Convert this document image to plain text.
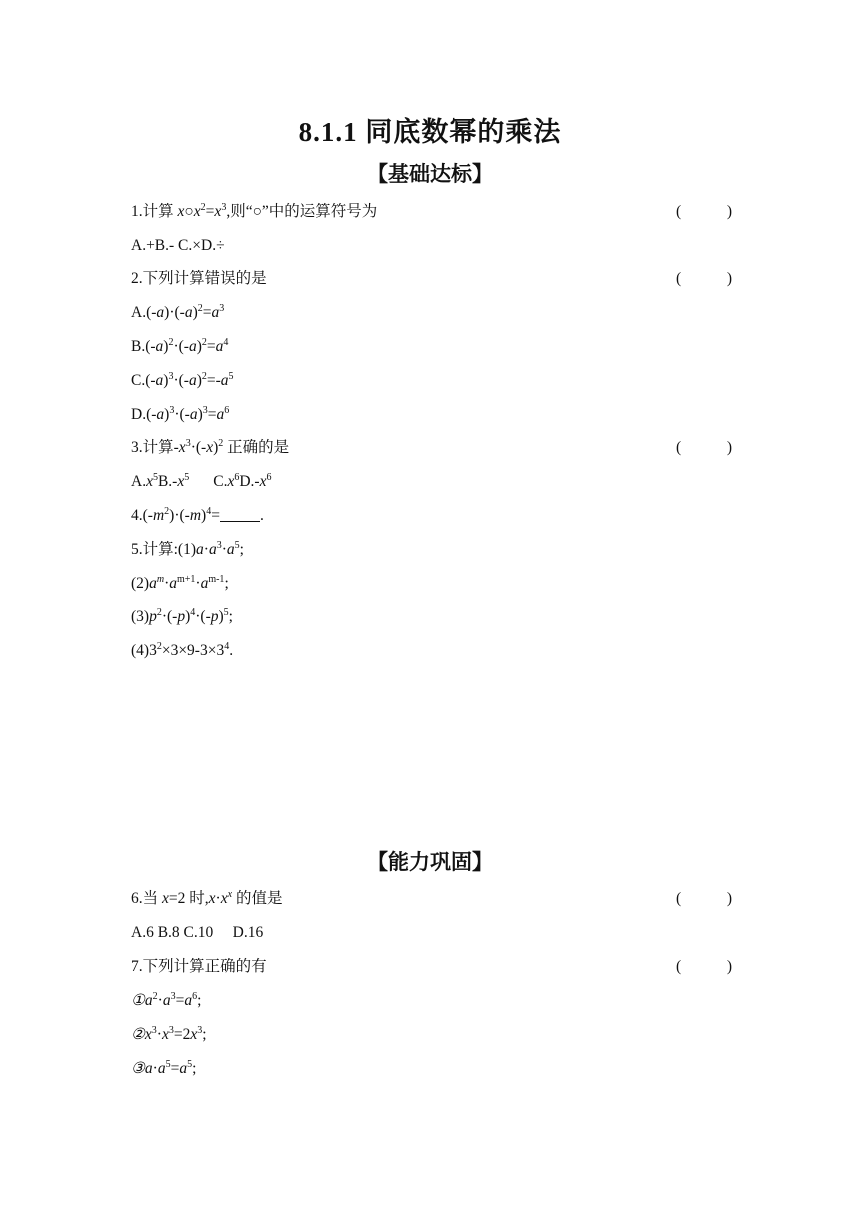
8.1.1 同底数幂的乘法
【基础达标】
1.计算 $x○x^2=x^3$,则“○”中的运算符号为	(	)
A.+B.- C.×D.÷
2.下列计算错误的是	(	)
$A.(-a)\cdot(-a)^2=a^3$
$B.(-a)^2\cdot(-a)^2=a^4$
$C.(-a)^3\cdot(-a)^2=-a^5$
$D.(-a)^3\cdot(-a)^3=a^6$
3.计算$-x^3\cdot(-x)^2$ 正确的是	(	)
$A.x^5B.-x^5$ $C.x^6D.-x^6$
$4.(-m^2)\cdot(-m)^4=$	.
5.计算$:(1)a\cdot a^3\cdot a^5$;
$(2)a^m\cdot a^{m+1}\cdot a^{m-1}$;
$(3)p^2\cdot(-p)^4\cdot(-p)^5$;
$(4)3^2\times 3\times 9-3\times 3^4$.
【能力巩固】
6.当 x=2 时$,x\cdot x^x$ 的值是	(	)
A.6 B.8 C.10     D.16
7.下列计算正确的有	(	)
$①a^2\cdot a^3=a^6$;
$②x^3\cdot x^3=2x^3$;
$③a\cdot a^5=a^5$;
